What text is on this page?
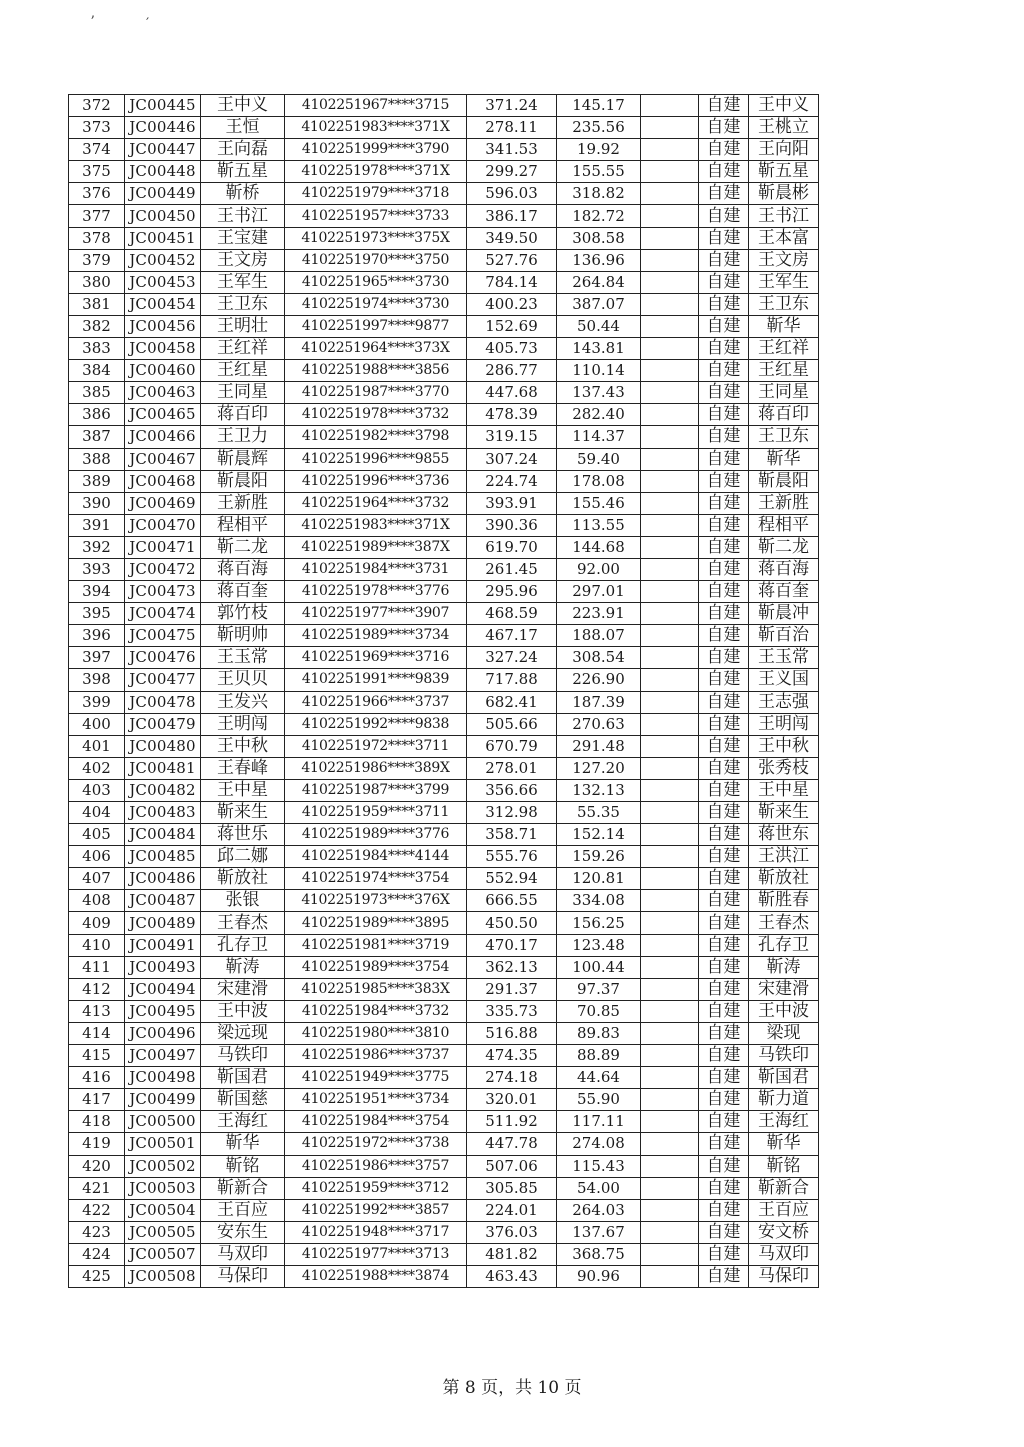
ʼ	′
372	JC00445	王中义	4102251967****3715	371.24	145.17		自建	王中义
373	JC00446	王恒	4102251983****371X	278.11	235.56		自建	王桃立
374	JC00447	王向磊	4102251999****3790	341.53	19.92		自建	王向阳
375	JC00448	靳五星	4102251978****371X	299.27	155.55		自建	靳五星
376	JC00449	靳桥	4102251979****3718	596.03	318.82		自建	靳晨彬
377	JC00450	王书江	4102251957****3733	386.17	182.72		自建	王书江
378	JC00451	王宝建	4102251973****375X	349.50	308.58		自建	王本富
379	JC00452	王文房	4102251970****3750	527.76	136.96		自建	王文房
380	JC00453	王军生	4102251965****3730	784.14	264.84		自建	王军生
381	JC00454	王卫东	4102251974****3730	400.23	387.07		自建	王卫东
382	JC00456	王明壮	4102251997****9877	152.69	50.44		自建	靳华
383	JC00458	王红祥	4102251964****373X	405.73	143.81		自建	王红祥
384	JC00460	王红星	4102251988****3856	286.77	110.14		自建	王红星
385	JC00463	王同星	4102251987****3770	447.68	137.43		自建	王同星
386	JC00465	蒋百印	4102251978****3732	478.39	282.40		自建	蒋百印
387	JC00466	王卫力	4102251982****3798	319.15	114.37		自建	王卫东
388	JC00467	靳晨辉	4102251996****9855	307.24	59.40		自建	靳华
389	JC00468	靳晨阳	4102251996****3736	224.74	178.08		自建	靳晨阳
390	JC00469	王新胜	4102251964****3732	393.91	155.46		自建	王新胜
391	JC00470	程相平	4102251983****371X	390.36	113.55		自建	程相平
392	JC00471	靳二龙	4102251989****387X	619.70	144.68		自建	靳二龙
393	JC00472	蒋百海	4102251984****3731	261.45	92.00		自建	蒋百海
394	JC00473	蒋百奎	4102251978****3776	295.96	297.01		自建	蒋百奎
395	JC00474	郭竹枝	4102251977****3907	468.59	223.91		自建	靳晨冲
396	JC00475	靳明帅	4102251989****3734	467.17	188.07		自建	靳百治
397	JC00476	王玉常	4102251969****3716	327.24	308.54		自建	王玉常
398	JC00477	王贝贝	4102251991****9839	717.88	226.90		自建	王义国
399	JC00478	王发兴	4102251966****3737	682.41	187.39		自建	王志强
400	JC00479	王明闯	4102251992****9838	505.66	270.63		自建	王明闯
401	JC00480	王中秋	4102251972****3711	670.79	291.48		自建	王中秋
402	JC00481	王春峰	4102251986****389X	278.01	127.20		自建	张秀枝
403	JC00482	王中星	4102251987****3799	356.66	132.13		自建	王中星
404	JC00483	靳来生	4102251959****3711	312.98	55.35		自建	靳来生
405	JC00484	蒋世乐	4102251989****3776	358.71	152.14		自建	蒋世东
406	JC00485	邱二娜	4102251984****4144	555.76	159.26		自建	王洪江
407	JC00486	靳放社	4102251974****3754	552.94	120.81		自建	靳放社
408	JC00487	张银	4102251973****376X	666.55	334.08		自建	靳胜春
409	JC00489	王春杰	4102251989****3895	450.50	156.25		自建	王春杰
410	JC00491	孔存卫	4102251981****3719	470.17	123.48		自建	孔存卫
411	JC00493	靳涛	4102251989****3754	362.13	100.44		自建	靳涛
412	JC00494	宋建滑	4102251985****383X	291.37	97.37		自建	宋建滑
413	JC00495	王中波	4102251984****3732	335.73	70.85		自建	王中波
414	JC00496	梁远现	4102251980****3810	516.88	89.83		自建	梁现
415	JC00497	马铁印	4102251986****3737	474.35	88.89		自建	马铁印
416	JC00498	靳国君	4102251949****3775	274.18	44.64		自建	靳国君
417	JC00499	靳国慈	4102251951****3734	320.01	55.90		自建	靳力道
418	JC00500	王海红	4102251984****3754	511.92	117.11		自建	王海红
419	JC00501	靳华	4102251972****3738	447.78	274.08		自建	靳华
420	JC00502	靳铭	4102251986****3757	507.06	115.43		自建	靳铭
421	JC00503	靳新合	4102251959****3712	305.85	54.00		自建	靳新合
422	JC00504	王百应	4102251992****3857	224.01	264.03		自建	王百应
423	JC00505	安东生	4102251948****3717	376.03	137.67		自建	安文桥
424	JC00507	马双印	4102251977****3713	481.82	368.75		自建	马双印
425	JC00508	马保印	4102251988****3874	463.43	90.96		自建	马保印
第 8 页，共 10 页
